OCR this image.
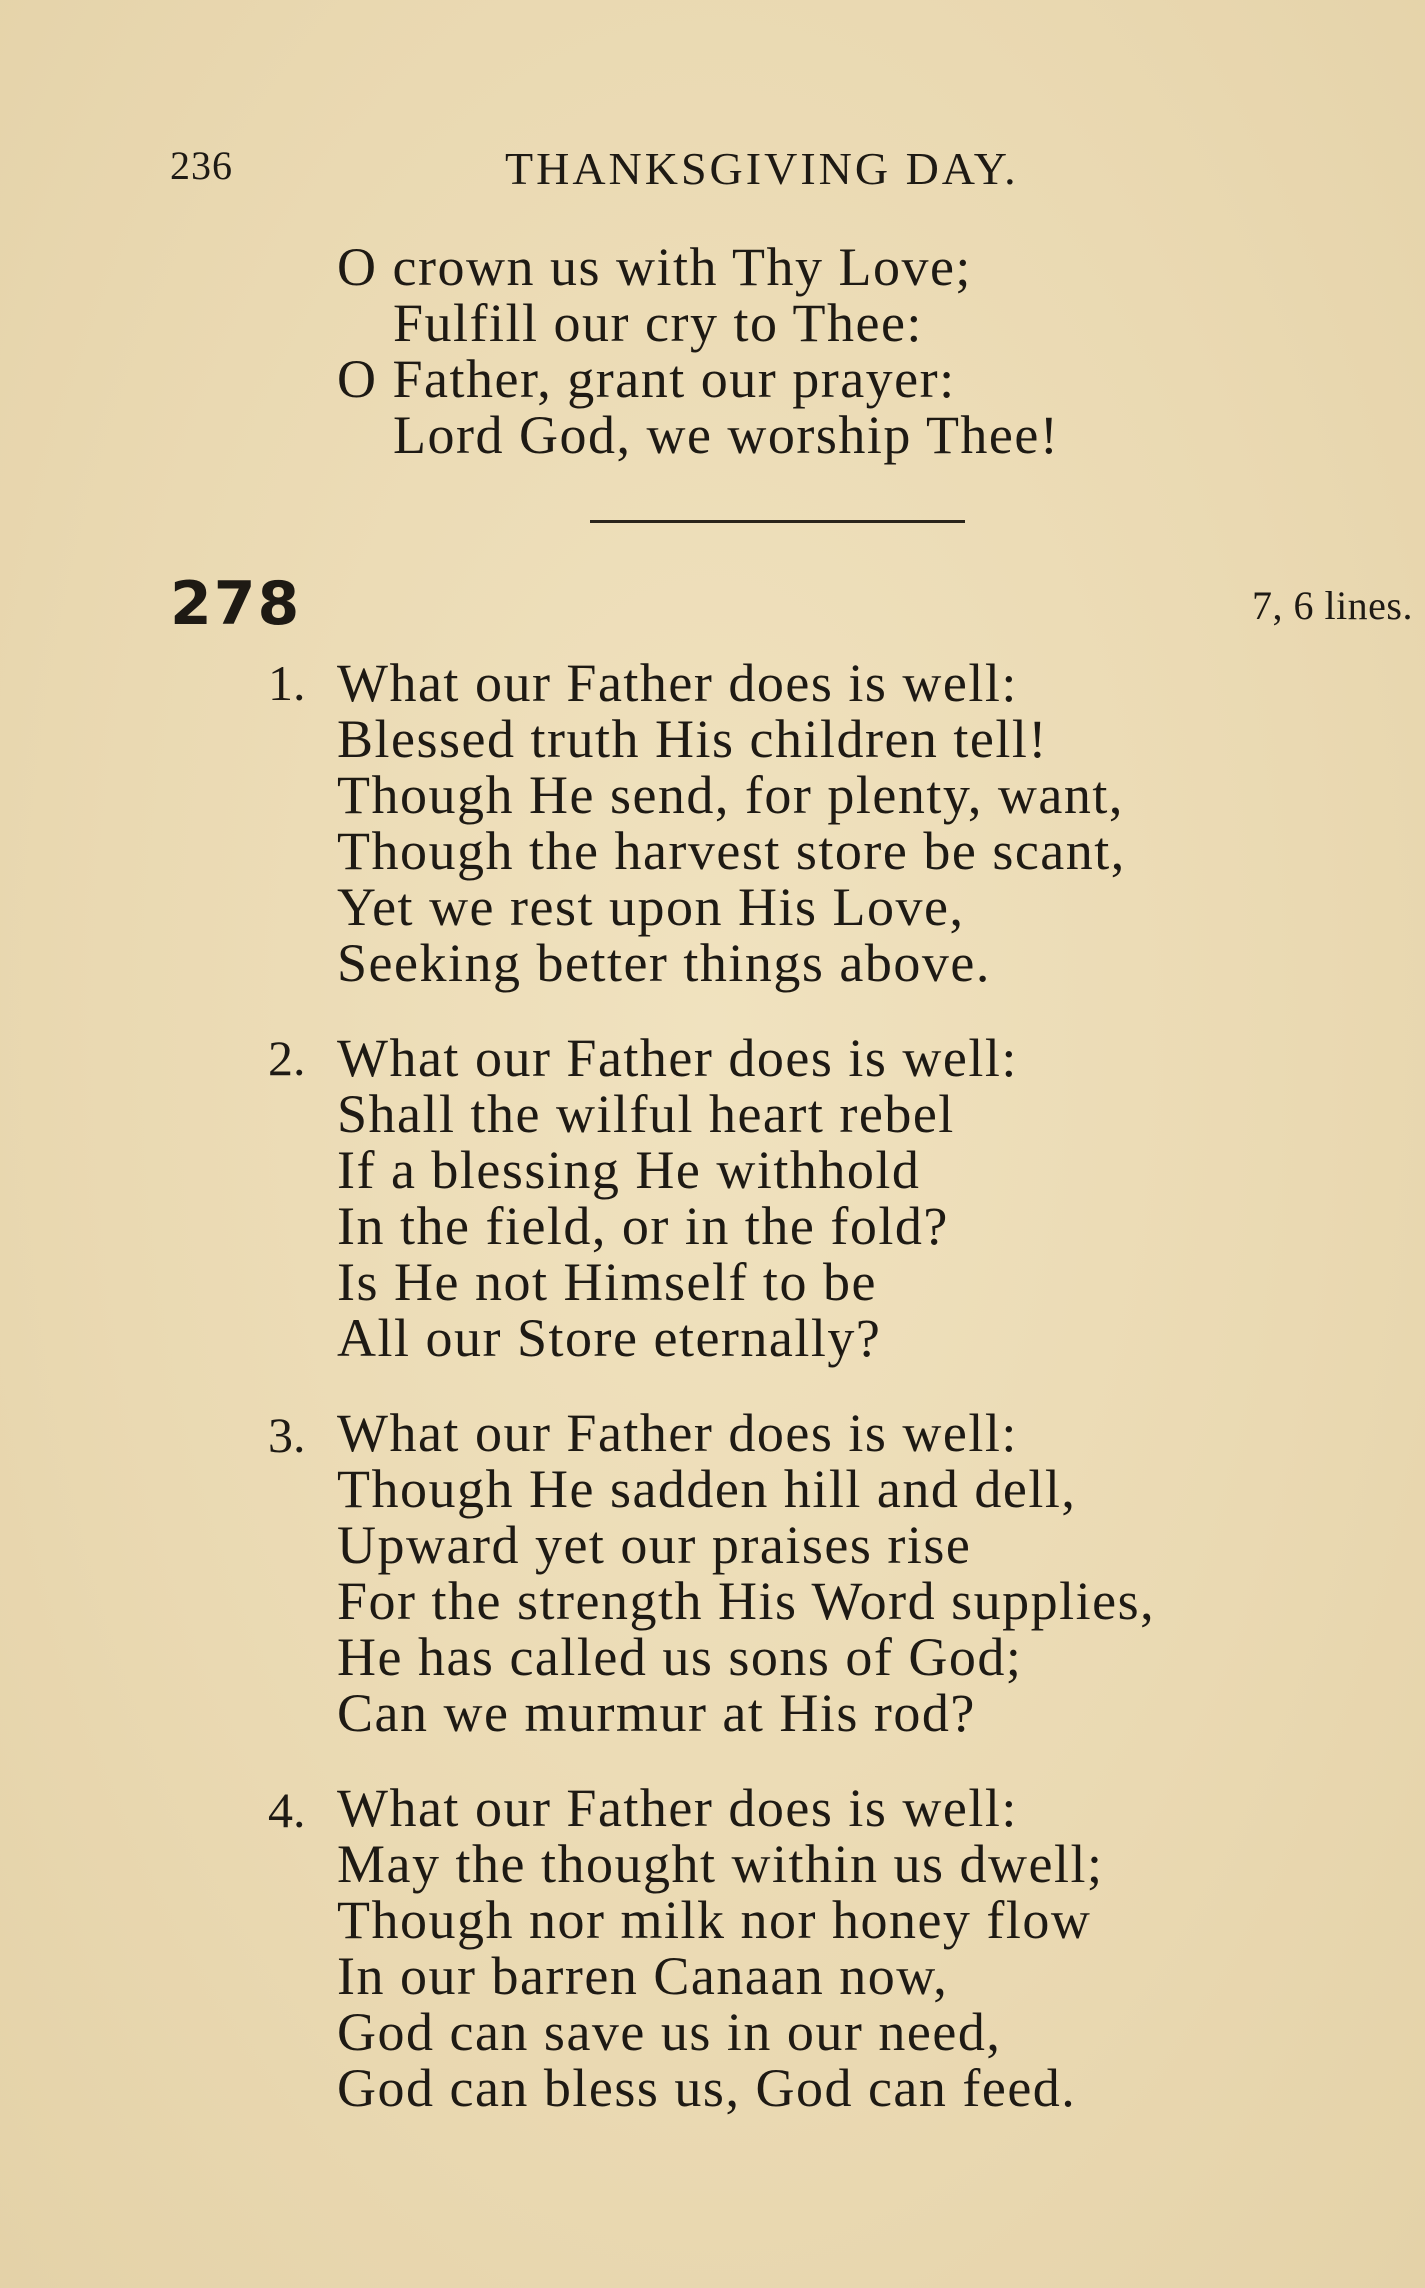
236	THANKSGIVING DAY.
O crown us with Thy Love;
Fulfill our cry to Thee:
O Father, grant our prayer:
Lord God, we worship Thee!
278	7, 6 lines.
1. What our Father does is well:
Blessed truth His children tell!
Though He send, for plenty, want,
Though the harvest store be scant,
Yet we rest upon His Love,
Seeking better things above.
2. What our Father does is well:
Shall the wilful heart rebel
If a blessing He withhold
In the field, or in the fold?
Is He not Himself to be
All our Store eternally?
3. What our Father does is well:
Though He sadden hill and dell,
Upward yet our praises rise
For the strength His Word supplies,
He has called us sons of God;
Can we murmur at His rod?
4. What our Father does is well:
May the thought within us dwell;
Though nor milk nor honey flow
In our barren Canaan now,
God can save us in our need,
God can bless us, God can feed.
